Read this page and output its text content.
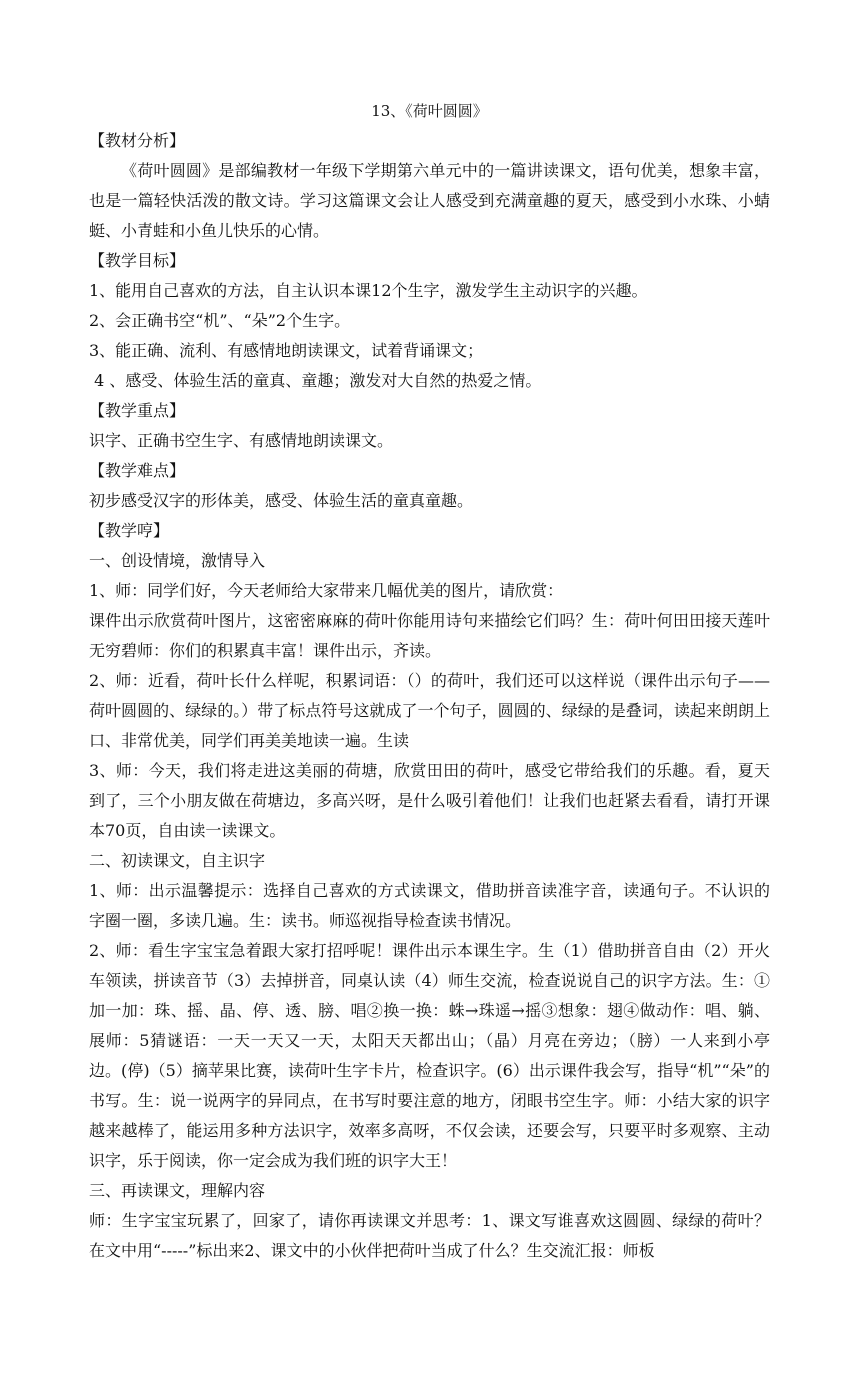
13、《荷叶圆圆》

【教材分析】

《荷叶圆圆》是部编教材一年级下学期第六单元中的一篇讲读课文，语句优美，想象丰富，也是一篇轻快活泼的散文诗。学习这篇课文会让人感受到充满童趣的夏天，感受到小水珠、小蜻蜓、小青蛙和小鱼儿快乐的心情。

【教学目标】
1、能用自己喜欢的方法，自主认识本课12个生字，激发学生主动识字的兴趣。
2、会正确书空“机”、“朵”2个生字。
3、能正确、流利、有感情地朗读课文，试着背诵课文；
4 、感受、体验生活的童真、童趣；激发对大自然的热爱之情。
【教学重点】
识字、正确书空生字、有感情地朗读课文。
【教学难点】
初步感受汉字的形体美，感受、体验生活的童真童趣。
【教学哼】
一、创设情境，激情导入
1、师：同学们好，今天老师给大家带来几幅优美的图片，请欣赏：

课件出示欣赏荷叶图片，这密密麻麻的荷叶你能用诗句来描绘它们吗？生：荷叶何田田接天莲叶无穷碧师：你们的积累真丰富！课件出示，齐读。

2、师：近看，荷叶长什么样呢，积累词语：（）的荷叶，我们还可以这样说（课件出示句子——荷叶圆圆的、绿绿的。）带了标点符号这就成了一个句子，圆圆的、绿绿的是叠词，读起来朗朗上口、非常优美，同学们再美美地读一遍。生读

3、师：今天，我们将走进这美丽的荷塘，欣赏田田的荷叶，感受它带给我们的乐趣。看，夏天到了，三个小朋友做在荷塘边，多高兴呀，是什么吸引着他们！让我们也赶紧去看看，请打开课本70页，自由读一读课文。

二、初读课文，自主识字

1、师：出示温馨提示：选择自己喜欢的方式读课文，借助拼音读准字音，读通句子。不认识的字圈一圈，多读几遍。生：读书。师巡视指导检查读书情况。

2、师：看生字宝宝急着跟大家打招呼呢！课件出示本课生字。生（1）借助拼音自由（2）开火车领读，拼读音节（3）去掉拼音，同桌认读（4）师生交流，检查说说自己的识字方法。生：①加一加：珠、摇、晶、停、透、膀、唱②换一换：蛛→珠遥→摇③想象：翅④做动作：唱、躺、展师：5猜谜语：一天一天又一天，太阳天天都出山；（晶）月亮在旁边；（膀）一人来到小亭边。(停)（5）摘苹果比赛，读荷叶生字卡片，检查识字。(6）出示课件我会写，指导“机”“朵”的书写。生：说一说两字的异同点，在书写时要注意的地方，闭眼书空生字。师：小结大家的识字越来越棒了，能运用多种方法识字，效率多高呀，不仅会读，还要会写，只要平时多观察、主动识字，乐于阅读，你一定会成为我们班的识字大王！

三、再读课文，理解内容

师：生字宝宝玩累了，回家了，请你再读课文并思考：1、课文写谁喜欢这圆圆、绿绿的荷叶？在文中用“-----”标出来2、课文中的小伙伴把荷叶当成了什么？生交流汇报：师板
